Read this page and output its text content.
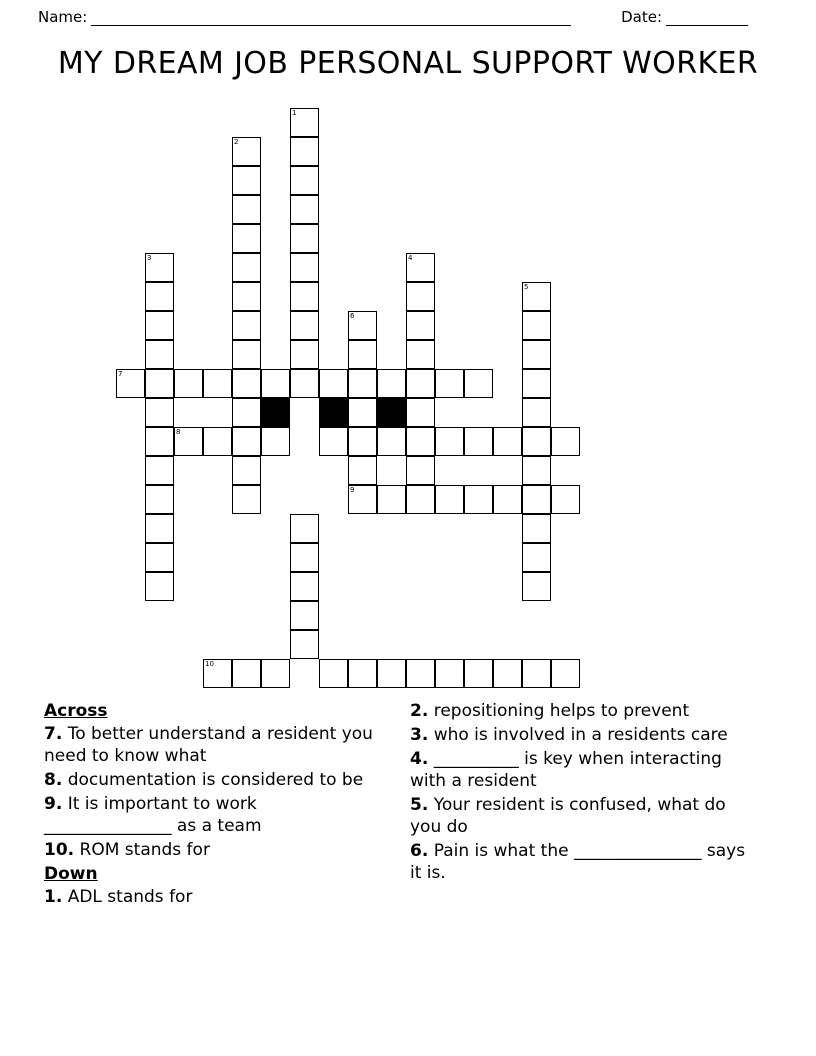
Name:	Date:
MY DREAM JOB PERSONAL SUPPORT WORKER
1
2
3	4
5
6
7
8
9
10
Across

7. To better understand a resident you need to know what

8. documentation is considered to be

9. It is important to work _______________ as a team

10. ROM stands for

Down

1. ADL stands for

2. repositioning helps to prevent

3. who is involved in a residents care

4. __________ is key when interacting with a resident

5. Your resident is confused, what do you do

6. Pain is what the _______________ says it is.
